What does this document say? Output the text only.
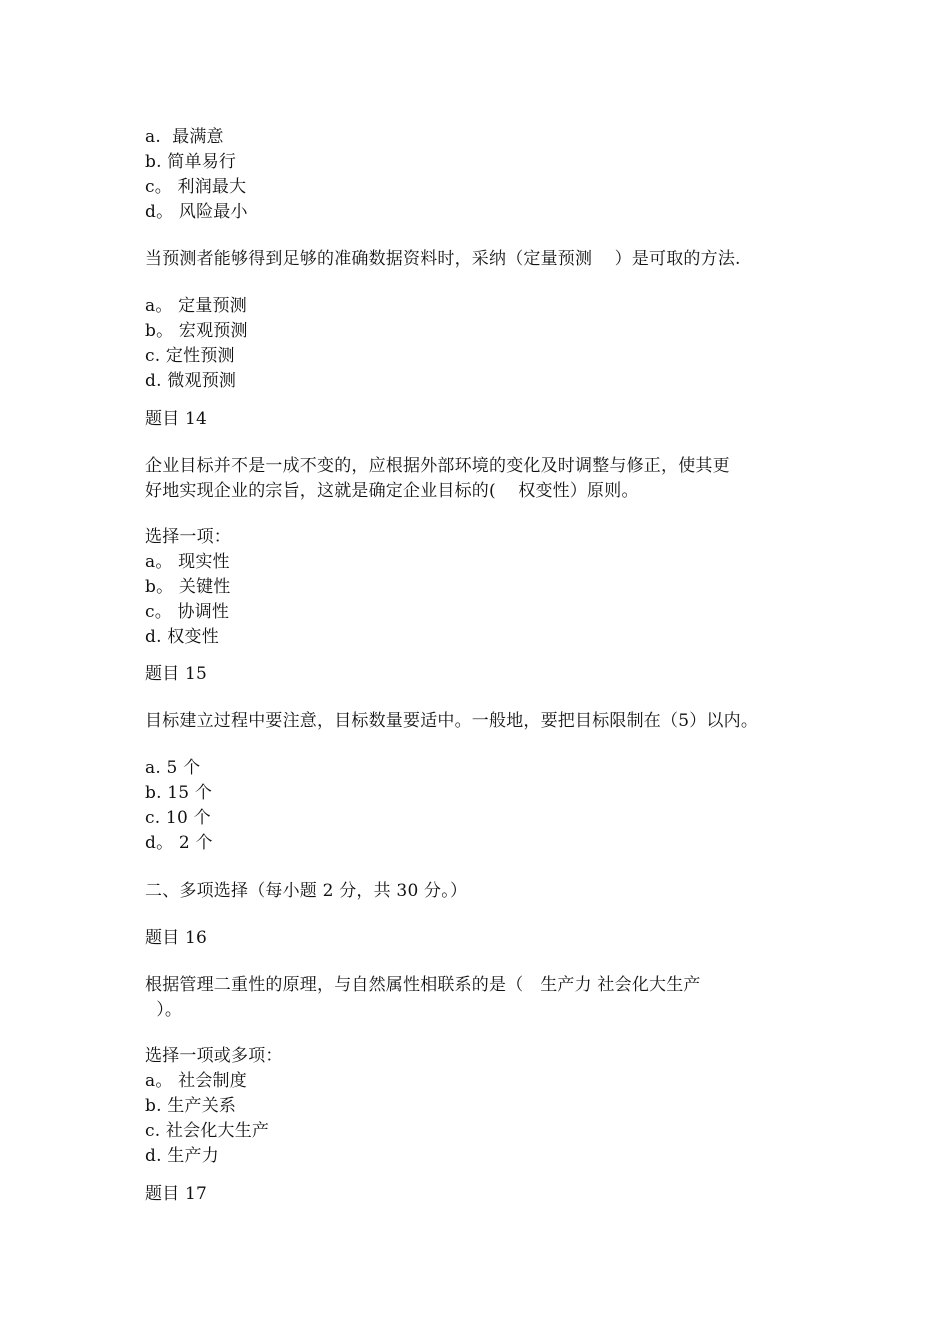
a.  最满意
b. 简单易行
c。 利润最大
d。 风险最小
当预测者能够得到足够的准确数据资料时，采纳（定量预测    ）是可取的方法.
a。 定量预测
b。 宏观预测
c. 定性预测
d. 微观预测
题目 14
企业目标并不是一成不变的，应根据外部环境的变化及时调整与修正，使其更
好地实现企业的宗旨，这就是确定企业目标的(    权变性）原则。
选择一项：
a。 现实性
b。 关键性
c。 协调性
d. 权变性
题目 15
目标建立过程中要注意，目标数量要适中。一般地，要把目标限制在（5）以内。
a. 5 个
b. 15 个
c. 10 个
d。 2 个
二、多项选择（每小题 2 分，共 30 分。）
题目 16
根据管理二重性的原理，与自然属性相联系的是（   生产力 社会化大生产
）。
选择一项或多项：
a。 社会制度
b. 生产关系
c. 社会化大生产
d. 生产力
题目 17
